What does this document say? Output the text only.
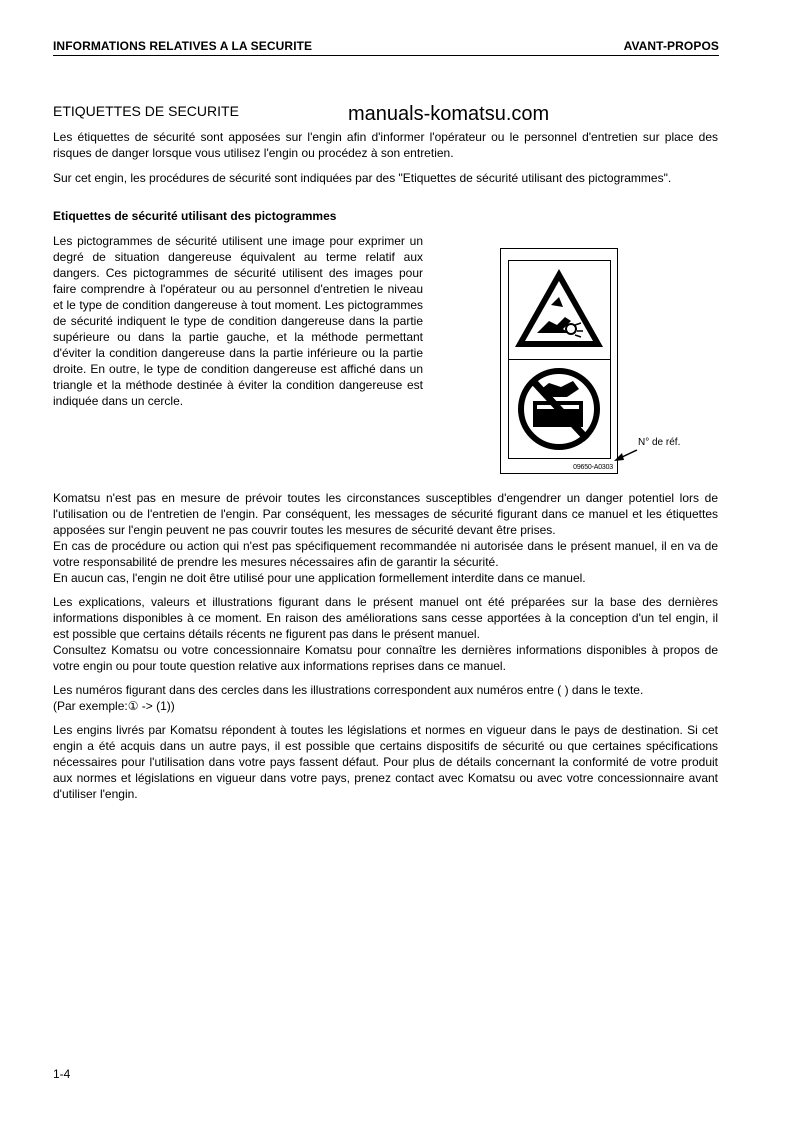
INFORMATIONS RELATIVES A LA SECURITE	AVANT-PROPOS
ETIQUETTES DE SECURITE	manuals-komatsu.com
Les étiquettes de sécurité sont apposées sur l'engin afin d'informer l'opérateur ou le personnel d'entretien sur place des risques de danger lorsque vous utilisez l'engin ou procédez à son entretien.
Sur cet engin, les procédures de sécurité sont indiquées par des "Etiquettes de sécurité utilisant des pictogrammes".
Etiquettes de sécurité utilisant des pictogrammes
Les pictogrammes de sécurité utilisent une image pour exprimer un degré de situation dangereuse équivalent au terme relatif aux dangers. Ces pictogrammes de sécurité utilisent des images pour faire comprendre à l'opérateur ou au personnel d'entretien le niveau et le type de condition dangereuse à tout moment. Les pictogrammes de sécurité indiquent le type de condition dangereuse dans la partie supérieure ou dans la partie gauche, et la méthode permettant d'éviter la condition dangereuse dans la partie inférieure ou la partie droite. En outre, le type de condition dangereuse est affiché dans un triangle et la méthode destinée à éviter la condition dangereuse est indiquée dans un cercle.
09650-A0303
N° de réf.
Komatsu n'est pas en mesure de prévoir toutes les circonstances susceptibles d'engendrer un danger potentiel lors de l'utilisation ou de l'entretien de l'engin. Par conséquent, les messages de sécurité figurant dans ce manuel et les étiquettes apposées sur l'engin peuvent ne pas couvrir toutes les mesures de sécurité devant être prises.
En cas de procédure ou action qui n'est pas spécifiquement recommandée ni autorisée dans le présent manuel, il en va de votre responsabilité de prendre les mesures nécessaires afin de garantir la sécurité.
En aucun cas, l'engin ne doit être utilisé pour une application formellement interdite dans ce manuel.
Les explications, valeurs et illustrations figurant dans le présent manuel ont été préparées sur la base des dernières informations disponibles à ce moment. En raison des améliorations sans cesse apportées à la conception d'un tel engin, il est possible que certains détails récents ne figurent pas dans le présent manuel.
Consultez Komatsu ou votre concessionnaire Komatsu pour connaître les dernières informations disponibles à propos de votre engin ou pour toute question relative aux informations reprises dans ce manuel.
Les numéros figurant dans des cercles dans les illustrations correspondent aux numéros entre ( ) dans le texte.
(Par exemple:① -> (1))
Les engins livrés par Komatsu répondent à toutes les législations et normes en vigueur dans le pays de destination. Si cet engin a été acquis dans un autre pays, il est possible que certains dispositifs de sécurité ou que certaines spécifications nécessaires pour l'utilisation dans votre pays fassent défaut. Pour plus de détails concernant la conformité de votre produit aux normes et législations en vigueur dans votre pays, prenez contact avec Komatsu ou avec votre concessionnaire avant d'utiliser l'engin.
1-4
